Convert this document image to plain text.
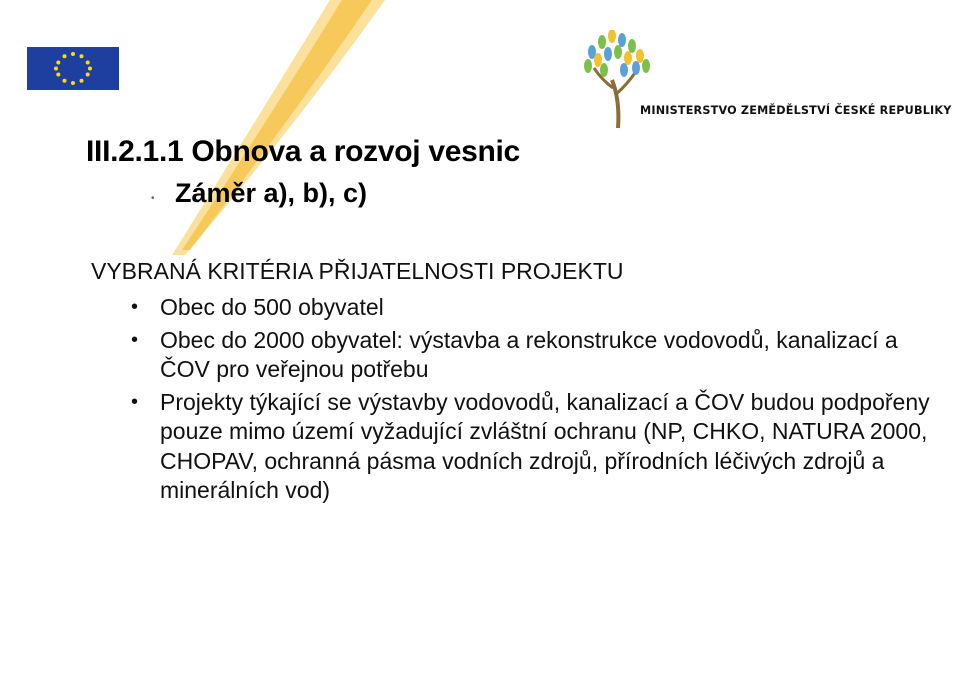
MINISTERSTVO ZEMĚDĚLSTVÍ ČESKÉ REPUBLIKY
III.2.1.1 Obnova a rozvoj vesnic
• Záměr a), b), c)
VYBRANÁ KRITÉRIA PŘIJATELNOSTI PROJEKTU
• Obec do 500 obyvatel
• Obec do 2000 obyvatel: výstavba a rekonstrukce vodovodů, kanalizací a ČOV pro veřejnou potřebu
• Projekty týkající se výstavby vodovodů, kanalizací a ČOV budou podpořeny pouze mimo území vyžadující zvláštní ochranu (NP, CHKO, NATURA 2000, CHOPAV, ochranná pásma vodních zdrojů, přírodních léčivých zdrojů a minerálních vod)
